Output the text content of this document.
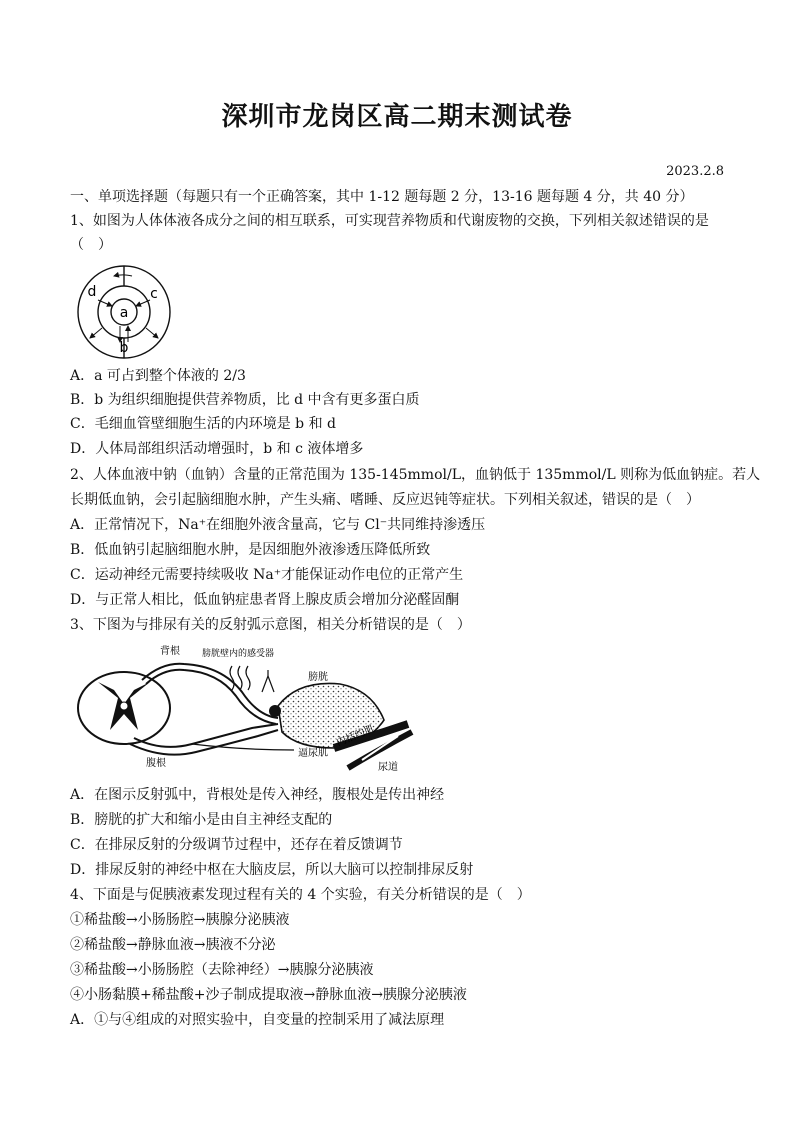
深圳市龙岗区高二期末测试卷
2023.2.8
一、单项选择题（每题只有一个正确答案，其中 1-12 题每题 2 分，13-16 题每题 4 分，共 40 分）
1、如图为人体体液各成分之间的相互联系，可实现营养物质和代谢废物的交换，下列相关叙述错误的是
（　）
a
b
c
d
A．a 可占到整个体液的 2/3
B．b 为组织细胞提供营养物质，比 d 中含有更多蛋白质
C．毛细血管壁细胞生活的内环境是 b 和 d
D．人体局部组织活动增强时，b 和 c 液体增多
2、人体血液中钠（血钠）含量的正常范围为 135-145mmol/L，血钠低于 135mmol/L 则称为低血钠症。若人
长期低血钠，会引起脑细胞水肿，产生头痛、嗜睡、反应迟钝等症状。下列相关叙述，错误的是（　）
A．正常情况下，Na⁺在细胞外液含量高，它与 Cl⁻共同维持渗透压
B．低血钠引起脑细胞水肿，是因细胞外液渗透压降低所致
C．运动神经元需要持续吸收 Na⁺才能保证动作电位的正常产生
D．与正常人相比，低血钠症患者肾上腺皮质会增加分泌醛固酮
3、下图为与排尿有关的反射弧示意图，相关分析错误的是（　）
背根 膀胱壁内的感受器
膀胱
腹根
逼尿肌
内括约肌
尿道
A．在图示反射弧中，背根处是传入神经，腹根处是传出神经
B．膀胱的扩大和缩小是由自主神经支配的
C．在排尿反射的分级调节过程中，还存在着反馈调节
D．排尿反射的神经中枢在大脑皮层，所以大脑可以控制排尿反射
4、下面是与促胰液素发现过程有关的 4 个实验，有关分析错误的是（　）
①稀盐酸→小肠肠腔→胰腺分泌胰液
②稀盐酸→静脉血液→胰液不分泌
③稀盐酸→小肠肠腔（去除神经）→胰腺分泌胰液
④小肠黏膜+稀盐酸+沙子制成提取液→静脉血液→胰腺分泌胰液
A．①与④组成的对照实验中，自变量的控制采用了减法原理
